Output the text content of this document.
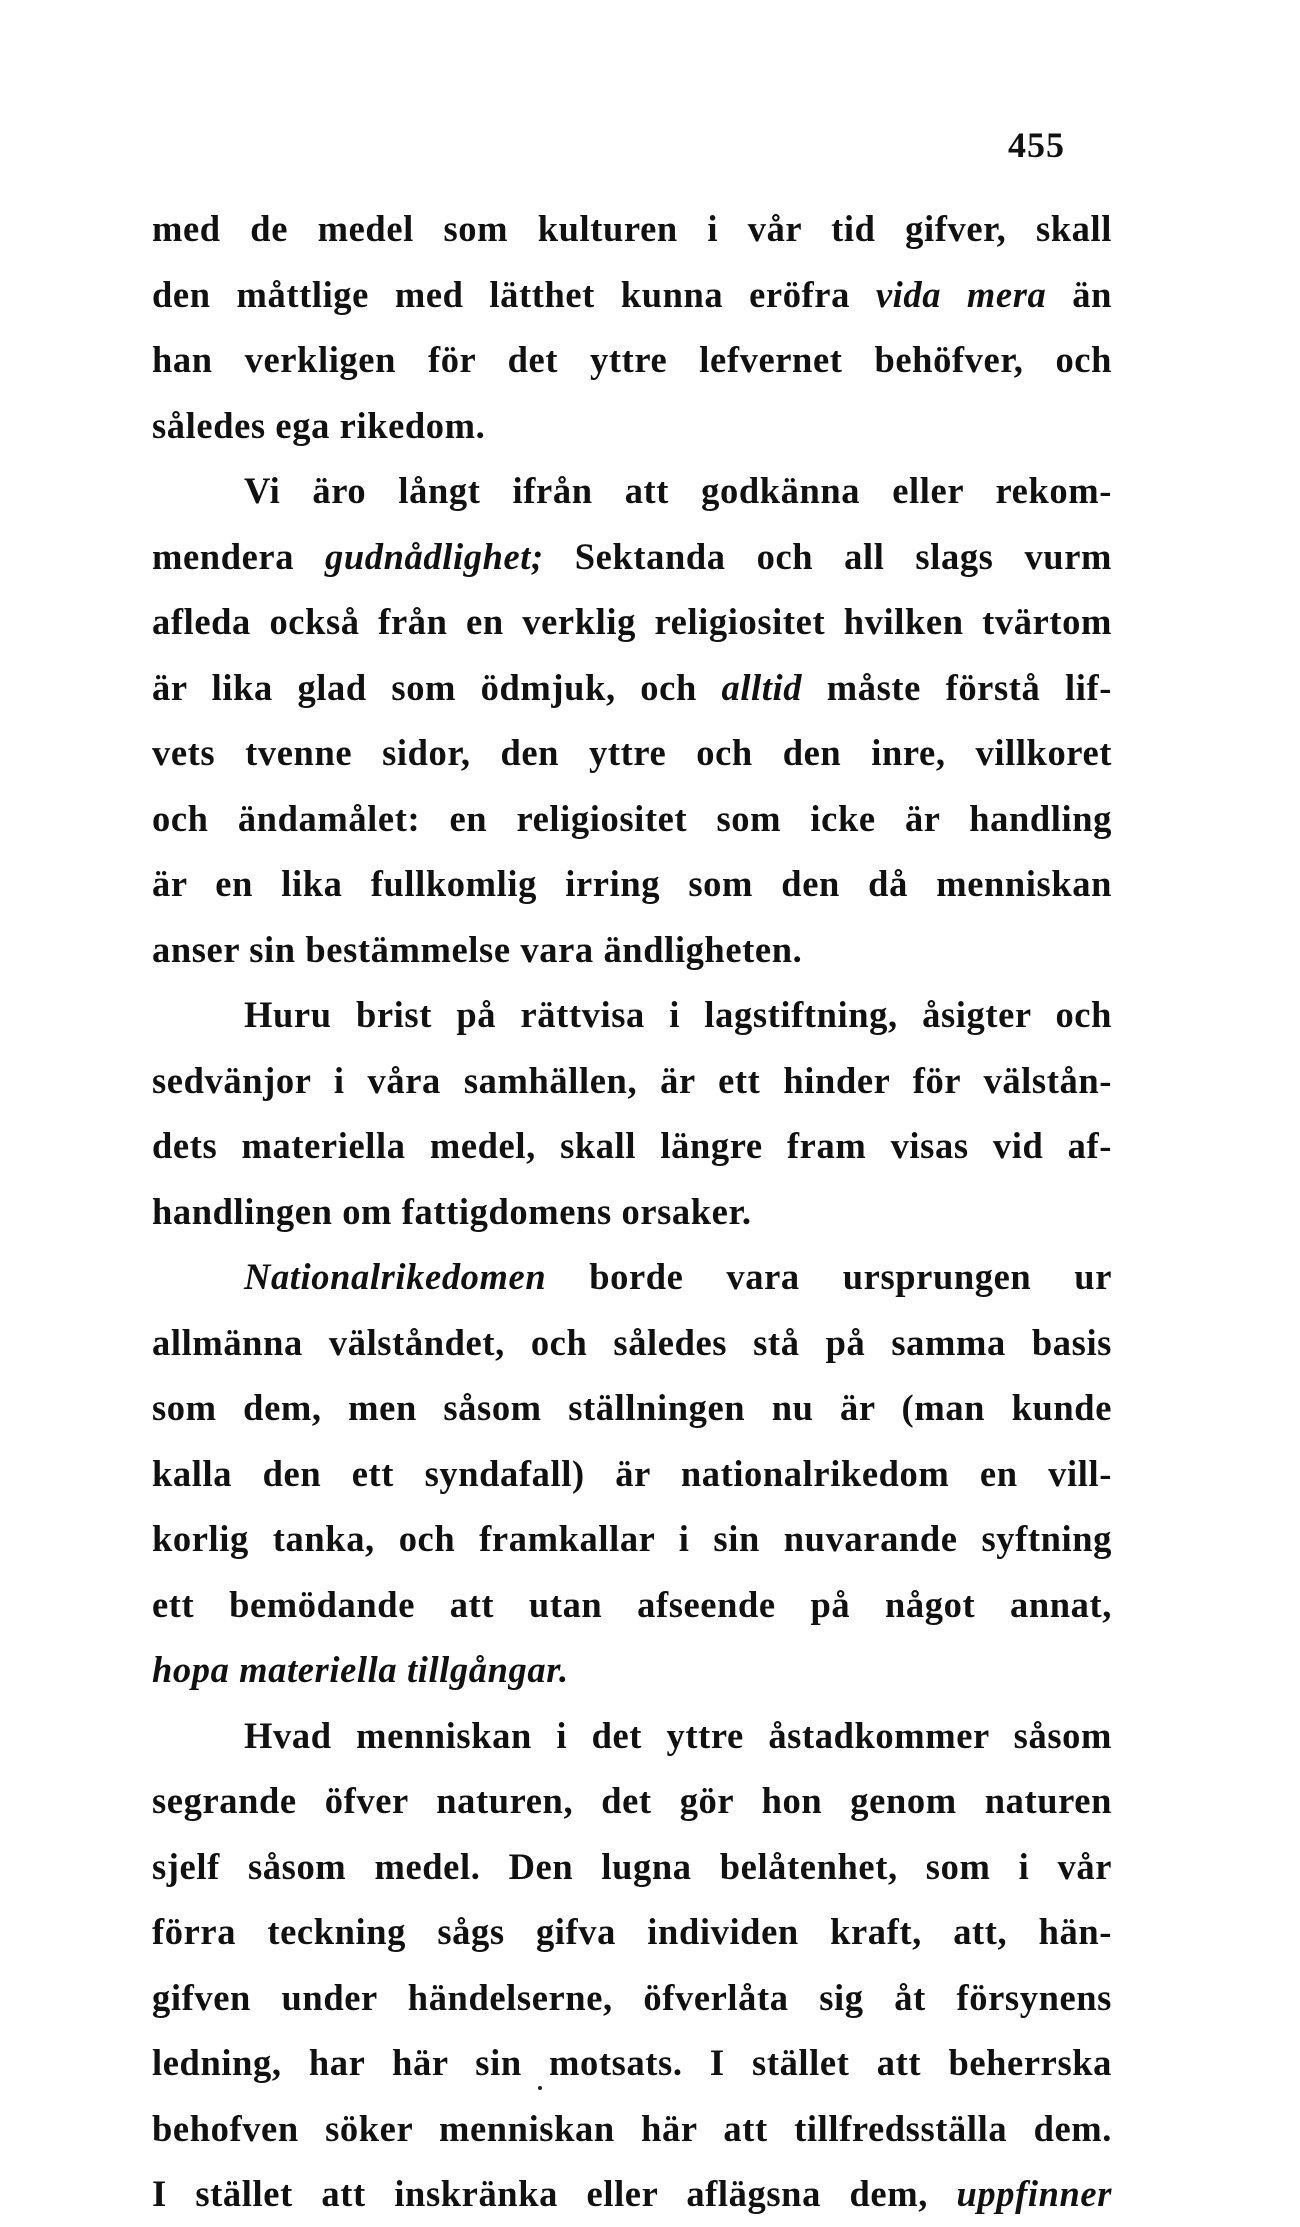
455
med de medel som kulturen i vår tid gifver, skall
den måttlige med lätthet kunna eröfra vida mera än
han verkligen för det yttre lefvernet behöfver, och
således ega rikedom.
Vi äro långt ifrån att godkänna eller rekom-
mendera gudnådlighet; Sektanda och all slags vurm
afleda också från en verklig religiositet hvilken tvärtom
är lika glad som ödmjuk, och alltid måste förstå lif-
vets tvenne sidor, den yttre och den inre, villkoret
och ändamålet: en religiositet som icke är handling
är en lika fullkomlig irring som den då menniskan
anser sin bestämmelse vara ändligheten.
Huru brist på rättvisa i lagstiftning, åsigter och
sedvänjor i våra samhällen, är ett hinder för välstån-
dets materiella medel, skall längre fram visas vid af-
handlingen om fattigdomens orsaker.
Nationalrikedomen borde vara ursprungen ur
allmänna välståndet, och således stå på samma basis
som dem, men såsom ställningen nu är (man kunde
kalla den ett syndafall) är nationalrikedom en vill-
korlig tanka, och framkallar i sin nuvarande syftning
ett bemödande att utan afseende på något annat,
hopa materiella tillgångar.
Hvad menniskan i det yttre åstadkommer såsom
segrande öfver naturen, det gör hon genom naturen
sjelf såsom medel. Den lugna belåtenhet, som i vår
förra teckning sågs gifva individen kraft, att, hän-
gifven under händelserne, öfverlåta sig åt försynens
ledning, har här sin motsats. I stället att beherrska
behofven söker menniskan här att tillfredsställa dem.
I stället att inskränka eller aflägsna dem, uppfinner
